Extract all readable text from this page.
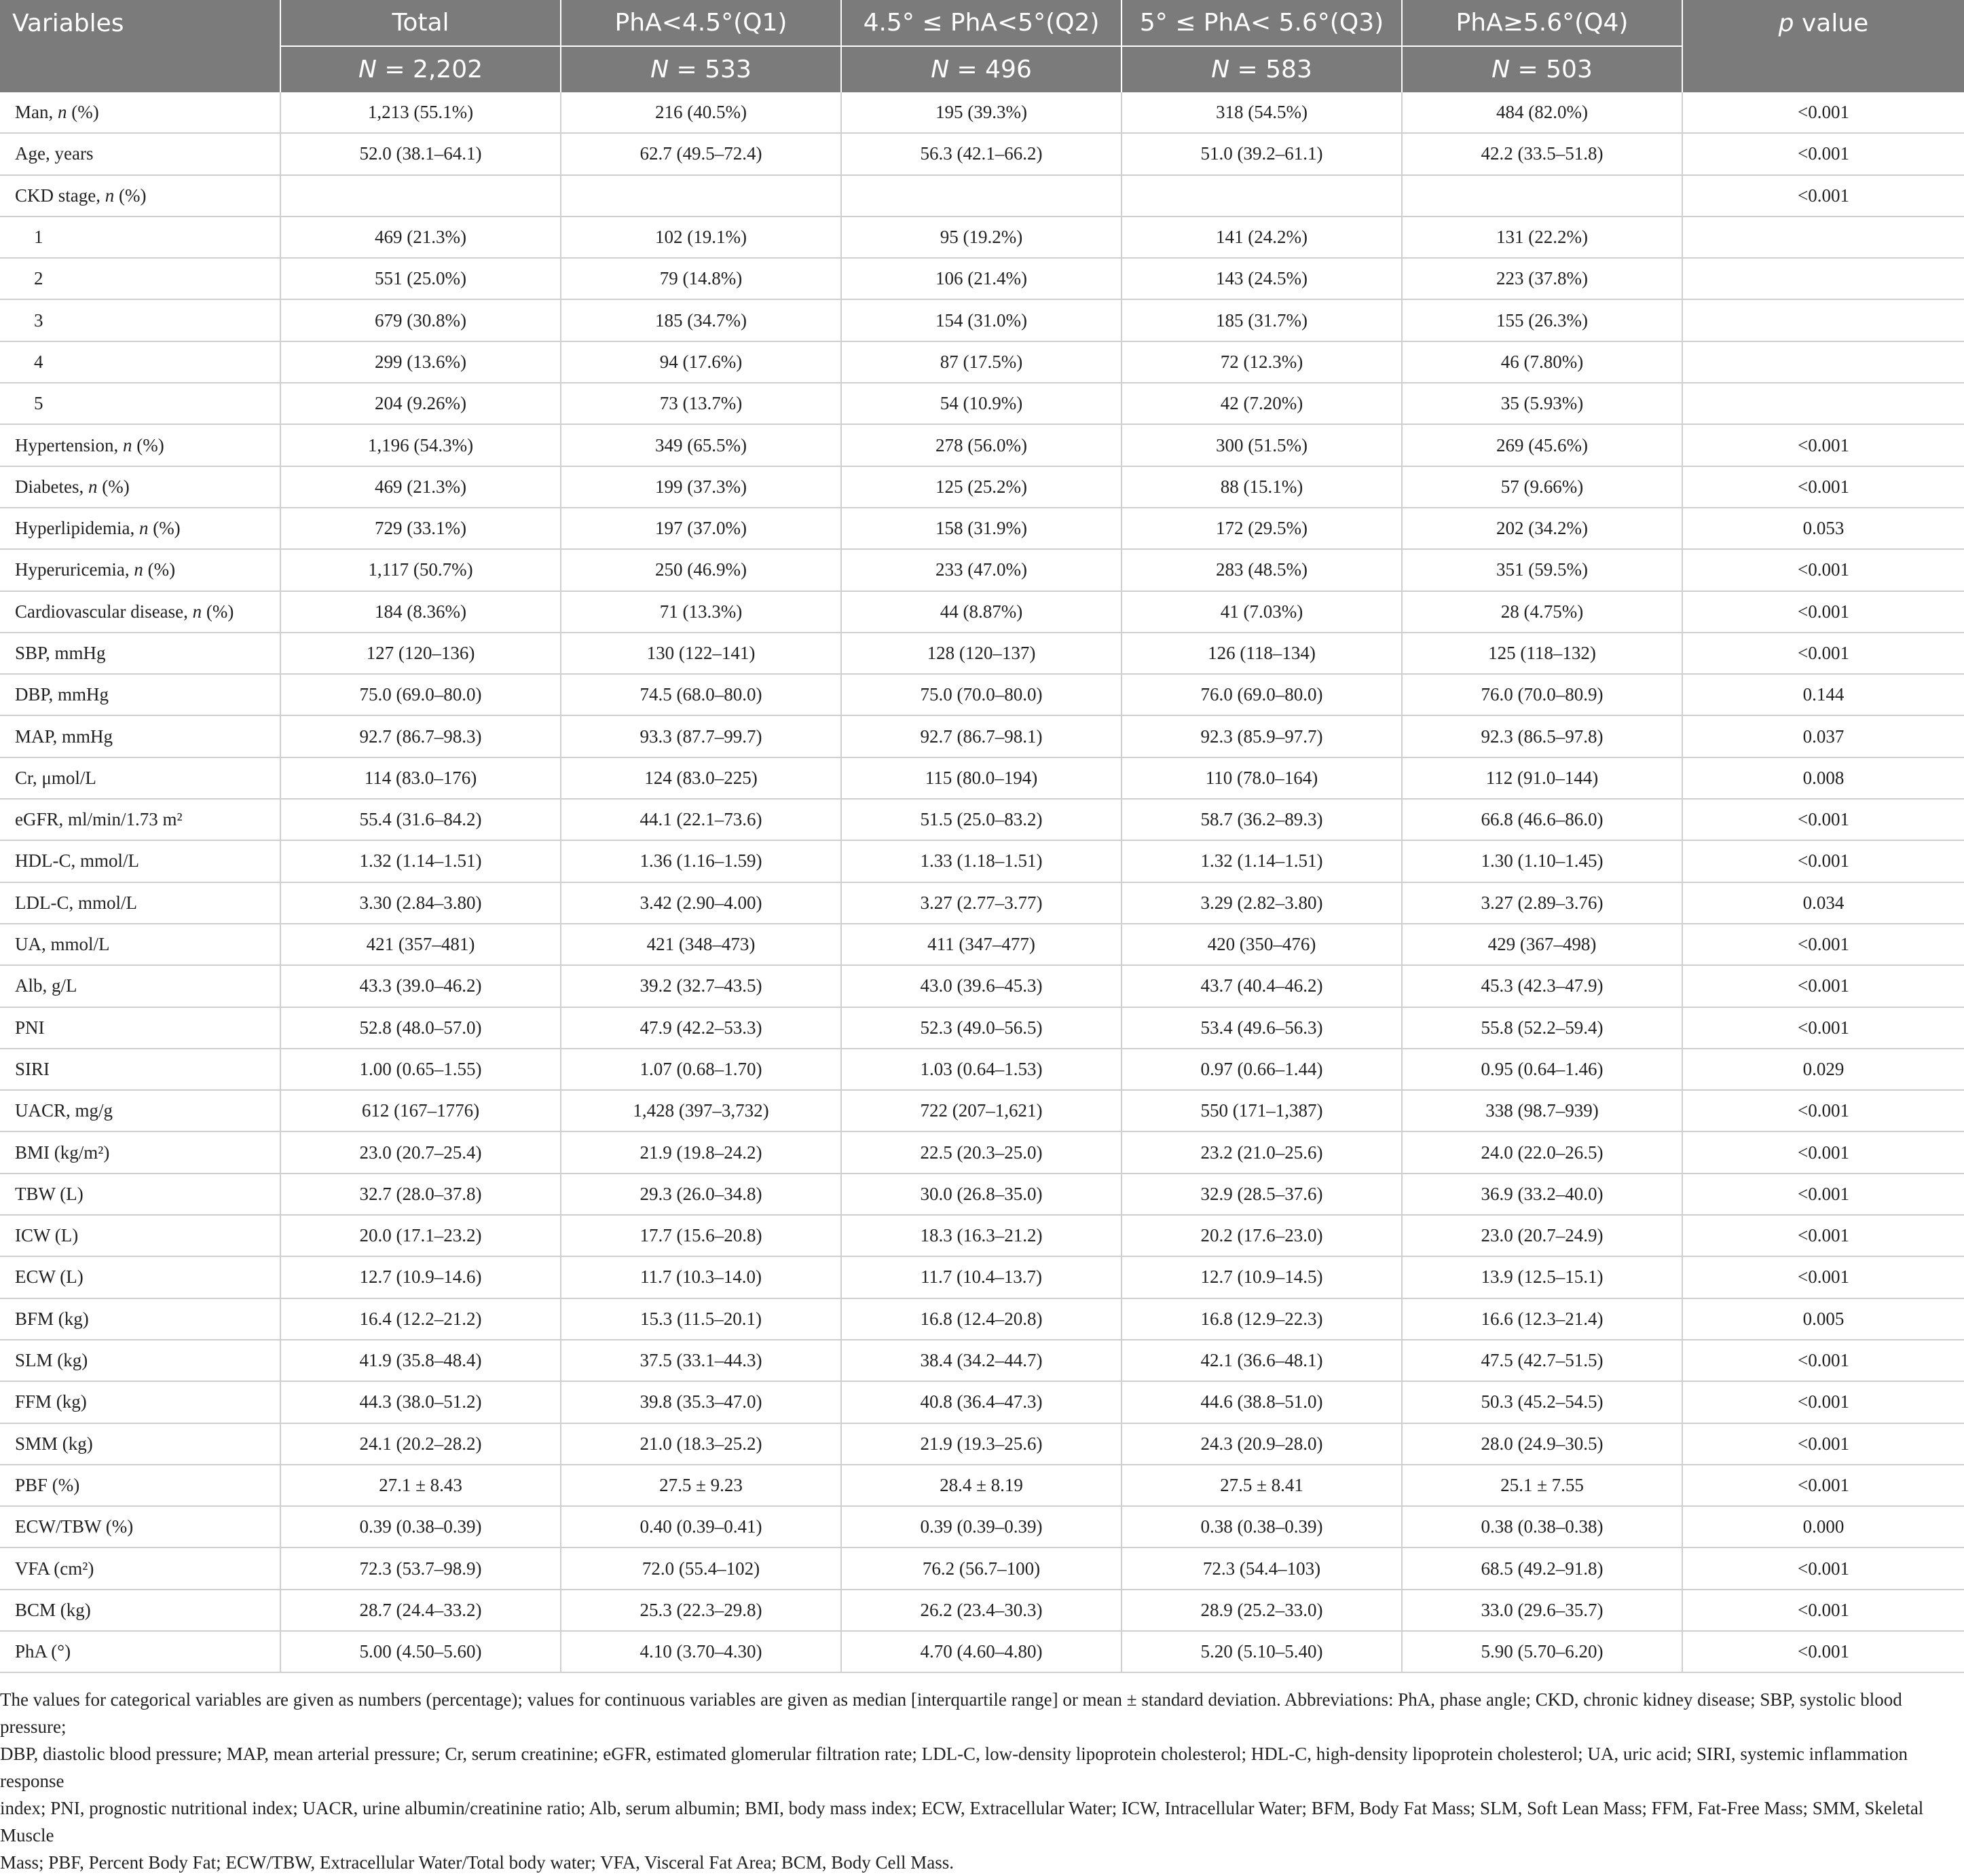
Variables	Total	PhA<4.5°(Q1)	4.5° ≤ PhA<5°(Q2)	5° ≤ PhA< 5.6°(Q3)	PhA≥5.6°(Q4)	p value
	N = 2,202	N = 533	N = 496	N = 583	N = 503	
Man, n (%)	1,213 (55.1%)	216 (40.5%)	195 (39.3%)	318 (54.5%)	484 (82.0%)	<0.001
Age, years	52.0 (38.1–64.1)	62.7 (49.5–72.4)	56.3 (42.1–66.2)	51.0 (39.2–61.1)	42.2 (33.5–51.8)	<0.001
CKD stage, n (%)						<0.001
1	469 (21.3%)	102 (19.1%)	95 (19.2%)	141 (24.2%)	131 (22.2%)	
2	551 (25.0%)	79 (14.8%)	106 (21.4%)	143 (24.5%)	223 (37.8%)	
3	679 (30.8%)	185 (34.7%)	154 (31.0%)	185 (31.7%)	155 (26.3%)	
4	299 (13.6%)	94 (17.6%)	87 (17.5%)	72 (12.3%)	46 (7.80%)	
5	204 (9.26%)	73 (13.7%)	54 (10.9%)	42 (7.20%)	35 (5.93%)	
Hypertension, n (%)	1,196 (54.3%)	349 (65.5%)	278 (56.0%)	300 (51.5%)	269 (45.6%)	<0.001
Diabetes, n (%)	469 (21.3%)	199 (37.3%)	125 (25.2%)	88 (15.1%)	57 (9.66%)	<0.001
Hyperlipidemia, n (%)	729 (33.1%)	197 (37.0%)	158 (31.9%)	172 (29.5%)	202 (34.2%)	0.053
Hyperuricemia, n (%)	1,117 (50.7%)	250 (46.9%)	233 (47.0%)	283 (48.5%)	351 (59.5%)	<0.001
Cardiovascular disease, n (%)	184 (8.36%)	71 (13.3%)	44 (8.87%)	41 (7.03%)	28 (4.75%)	<0.001
SBP, mmHg	127 (120–136)	130 (122–141)	128 (120–137)	126 (118–134)	125 (118–132)	<0.001
DBP, mmHg	75.0 (69.0–80.0)	74.5 (68.0–80.0)	75.0 (70.0–80.0)	76.0 (69.0–80.0)	76.0 (70.0–80.9)	0.144
MAP, mmHg	92.7 (86.7–98.3)	93.3 (87.7–99.7)	92.7 (86.7–98.1)	92.3 (85.9–97.7)	92.3 (86.5–97.8)	0.037
Cr, μmol/L	114 (83.0–176)	124 (83.0–225)	115 (80.0–194)	110 (78.0–164)	112 (91.0–144)	0.008
eGFR, ml/min/1.73 m²	55.4 (31.6–84.2)	44.1 (22.1–73.6)	51.5 (25.0–83.2)	58.7 (36.2–89.3)	66.8 (46.6–86.0)	<0.001
HDL-C, mmol/L	1.32 (1.14–1.51)	1.36 (1.16–1.59)	1.33 (1.18–1.51)	1.32 (1.14–1.51)	1.30 (1.10–1.45)	<0.001
LDL-C, mmol/L	3.30 (2.84–3.80)	3.42 (2.90–4.00)	3.27 (2.77–3.77)	3.29 (2.82–3.80)	3.27 (2.89–3.76)	0.034
UA, mmol/L	421 (357–481)	421 (348–473)	411 (347–477)	420 (350–476)	429 (367–498)	<0.001
Alb, g/L	43.3 (39.0–46.2)	39.2 (32.7–43.5)	43.0 (39.6–45.3)	43.7 (40.4–46.2)	45.3 (42.3–47.9)	<0.001
PNI	52.8 (48.0–57.0)	47.9 (42.2–53.3)	52.3 (49.0–56.5)	53.4 (49.6–56.3)	55.8 (52.2–59.4)	<0.001
SIRI	1.00 (0.65–1.55)	1.07 (0.68–1.70)	1.03 (0.64–1.53)	0.97 (0.66–1.44)	0.95 (0.64–1.46)	0.029
UACR, mg/g	612 (167–1776)	1,428 (397–3,732)	722 (207–1,621)	550 (171–1,387)	338 (98.7–939)	<0.001
BMI (kg/m²)	23.0 (20.7–25.4)	21.9 (19.8–24.2)	22.5 (20.3–25.0)	23.2 (21.0–25.6)	24.0 (22.0–26.5)	<0.001
TBW (L)	32.7 (28.0–37.8)	29.3 (26.0–34.8)	30.0 (26.8–35.0)	32.9 (28.5–37.6)	36.9 (33.2–40.0)	<0.001
ICW (L)	20.0 (17.1–23.2)	17.7 (15.6–20.8)	18.3 (16.3–21.2)	20.2 (17.6–23.0)	23.0 (20.7–24.9)	<0.001
ECW (L)	12.7 (10.9–14.6)	11.7 (10.3–14.0)	11.7 (10.4–13.7)	12.7 (10.9–14.5)	13.9 (12.5–15.1)	<0.001
BFM (kg)	16.4 (12.2–21.2)	15.3 (11.5–20.1)	16.8 (12.4–20.8)	16.8 (12.9–22.3)	16.6 (12.3–21.4)	0.005
SLM (kg)	41.9 (35.8–48.4)	37.5 (33.1–44.3)	38.4 (34.2–44.7)	42.1 (36.6–48.1)	47.5 (42.7–51.5)	<0.001
FFM (kg)	44.3 (38.0–51.2)	39.8 (35.3–47.0)	40.8 (36.4–47.3)	44.6 (38.8–51.0)	50.3 (45.2–54.5)	<0.001
SMM (kg)	24.1 (20.2–28.2)	21.0 (18.3–25.2)	21.9 (19.3–25.6)	24.3 (20.9–28.0)	28.0 (24.9–30.5)	<0.001
PBF (%)	27.1 ± 8.43	27.5 ± 9.23	28.4 ± 8.19	27.5 ± 8.41	25.1 ± 7.55	<0.001
ECW/TBW (%)	0.39 (0.38–0.39)	0.40 (0.39–0.41)	0.39 (0.39–0.39)	0.38 (0.38–0.39)	0.38 (0.38–0.38)	0.000
VFA (cm²)	72.3 (53.7–98.9)	72.0 (55.4–102)	76.2 (56.7–100)	72.3 (54.4–103)	68.5 (49.2–91.8)	<0.001
BCM (kg)	28.7 (24.4–33.2)	25.3 (22.3–29.8)	26.2 (23.4–30.3)	28.9 (25.2–33.0)	33.0 (29.6–35.7)	<0.001
PhA (°)	5.00 (4.50–5.60)	4.10 (3.70–4.30)	4.70 (4.60–4.80)	5.20 (5.10–5.40)	5.90 (5.70–6.20)	<0.001
The values for categorical variables are given as numbers (percentage); values for continuous variables are given as median [interquartile range] or mean ± standard deviation. Abbreviations: PhA, phase angle; CKD, chronic kidney disease; SBP, systolic blood pressure;
DBP, diastolic blood pressure; MAP, mean arterial pressure; Cr, serum creatinine; eGFR, estimated glomerular filtration rate; LDL-C, low-density lipoprotein cholesterol; HDL-C, high-density lipoprotein cholesterol; UA, uric acid; SIRI, systemic inflammation response
index; PNI, prognostic nutritional index; UACR, urine albumin/creatinine ratio; Alb, serum albumin; BMI, body mass index; ECW, Extracellular Water; ICW, Intracellular Water; BFM, Body Fat Mass; SLM, Soft Lean Mass; FFM, Fat-Free Mass; SMM, Skeletal Muscle
Mass; PBF, Percent Body Fat; ECW/TBW, Extracellular Water/Total body water; VFA, Visceral Fat Area; BCM, Body Cell Mass.
